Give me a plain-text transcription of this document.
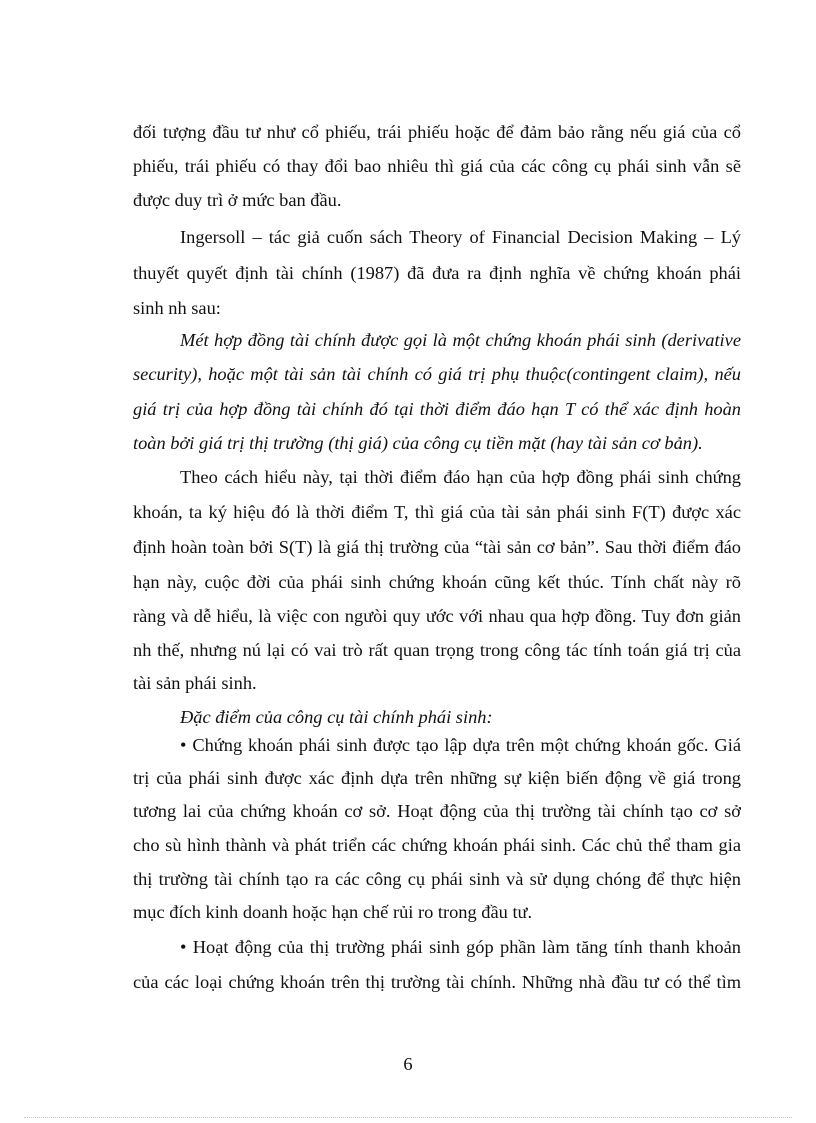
đối tượng đầu tư như cổ phiếu, trái phiếu hoặc để đảm bảo rằng nếu giá của cổ
phiếu, trái phiếu có thay đổi bao nhiêu thì giá của các công cụ phái sinh vẫn sẽ
được duy trì ở mức ban đầu.
Ingersoll – tác giả cuốn sách Theory of Financial Decision Making – Lý
thuyết quyết định tài chính (1987) đã đưa ra định nghĩa về chứng khoán phái
sinh nh sau:
Mét hợp đồng tài chính được gọi là một chứng khoán phái sinh (derivative
security), hoặc một tài sản tài chính có giá trị phụ thuộc(contingent claim), nếu
giá trị của hợp đồng tài chính đó tại thời điểm đáo hạn T có thể xác định hoàn
toàn bởi giá trị thị trường (thị giá) của công cụ tiền mặt (hay tài sản cơ bản).
Theo cách hiểu này, tại thời điểm đáo hạn của hợp đồng phái sinh chứng
khoán, ta ký hiệu đó là thời điểm T, thì giá của tài sản phái sinh F(T) được xác
định hoàn toàn bởi S(T) là giá thị trường của “tài sản cơ bản”. Sau thời điểm đáo
hạn này, cuộc đời của phái sinh chứng khoán cũng kết thúc. Tính chất này rõ
ràng và dễ hiểu, là việc con ngưòi quy ước với nhau qua hợp đồng. Tuy đơn giản
nh thế, nhưng nú lại có vai trò rất quan trọng trong công tác tính toán giá trị của
tài sản phái sinh.
Đặc điểm của công cụ tài chính phái sinh:
• Chứng khoán phái sinh được tạo lập dựa trên một chứng khoán gốc. Giá
trị của phái sinh được xác định dựa trên những sự kiện biến động về giá trong
tương lai của chứng khoán cơ sở. Hoạt động của thị trường tài chính tạo cơ sở
cho sù hình thành và phát triển các chứng khoán phái sinh. Các chủ thể tham gia
thị trường tài chính tạo ra các công cụ phái sinh và sử dụng chóng để thực hiện
mục đích kinh doanh hoặc hạn chế rủi ro trong đầu tư.
• Hoạt động của thị trường phái sinh góp phần làm tăng tính thanh khoản
của các loại chứng khoán trên thị trường tài chính. Những nhà đầu tư có thể tìm
6
